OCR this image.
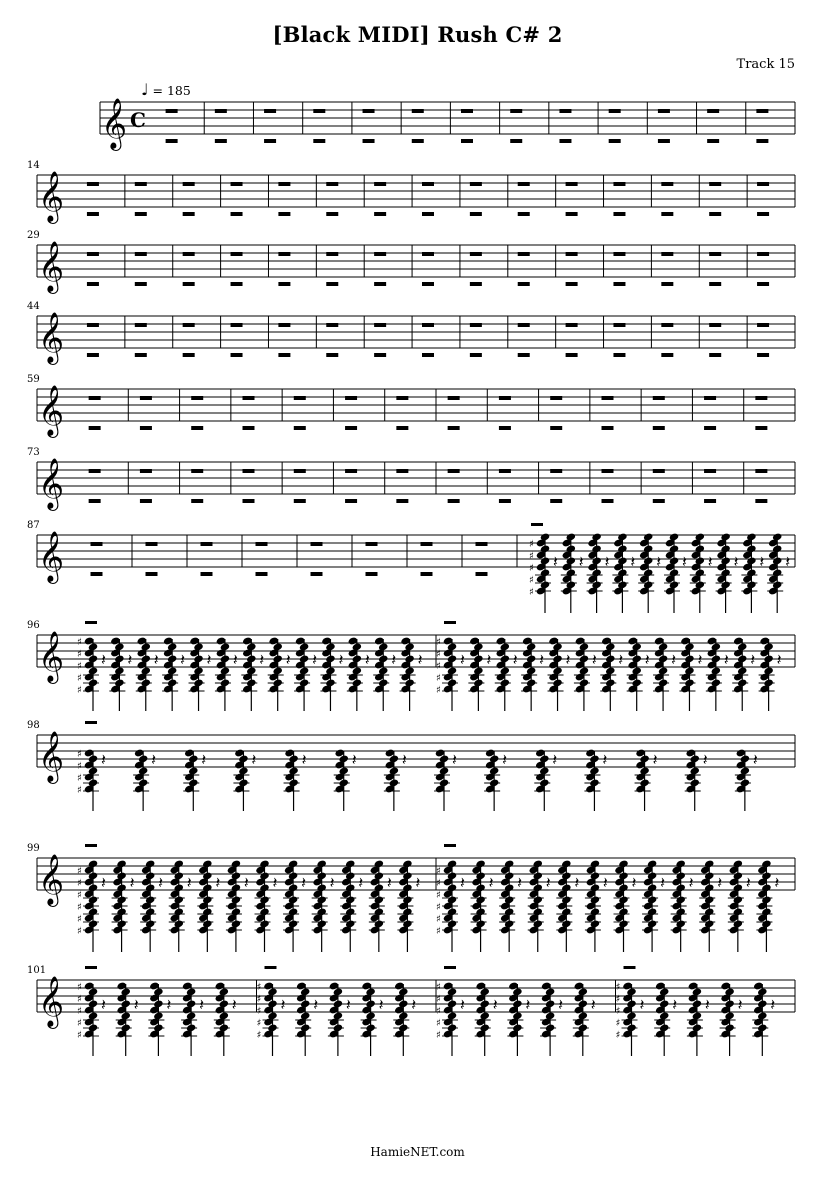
[Black MIDI] Rush C# 2
Track 15
♩ = 185
𝄞 C
𝄞
14
𝄞
29
𝄞
44
𝄞
59
𝄞
73
𝄞
87
♯
♯
♯
♯
♯
𝄽 𝄽 𝄽 𝄽 𝄽 𝄽 𝄽 𝄽 𝄽 𝄽
𝄞
96
♯
♯
♯
♯
♯
𝄽 𝄽 𝄽 𝄽 𝄽 𝄽 𝄽 𝄽 𝄽 𝄽 𝄽 𝄽 𝄽
♯
♯
♯
♯
♯
𝄽 𝄽 𝄽 𝄽 𝄽 𝄽 𝄽 𝄽 𝄽 𝄽 𝄽 𝄽 𝄽
𝄞
98
♯
♯
♯
♯ 𝄽	𝄽	𝄽	𝄽	𝄽	𝄽	𝄽	𝄽	𝄽	𝄽	𝄽	𝄽	𝄽	𝄽
𝄞
99
♯
♯
♯
♯
♯
♯
𝄽 𝄽 𝄽 𝄽 𝄽 𝄽 𝄽 𝄽 𝄽 𝄽 𝄽 𝄽
♯
♯
♯
♯
♯
♯
𝄽 𝄽 𝄽 𝄽 𝄽 𝄽 𝄽 𝄽 𝄽 𝄽 𝄽 𝄽
𝄞
101
♯
♯
♯
♯
♯
𝄽 𝄽 𝄽 𝄽 𝄽
♯
♯
♯
♯
♯
𝄽 𝄽 𝄽 𝄽 𝄽
♯
♯
♯
♯
♯
𝄽 𝄽 𝄽 𝄽 𝄽
♯
♯
♯
♯
♯
𝄽 𝄽 𝄽 𝄽 𝄽
HamieNET.com
